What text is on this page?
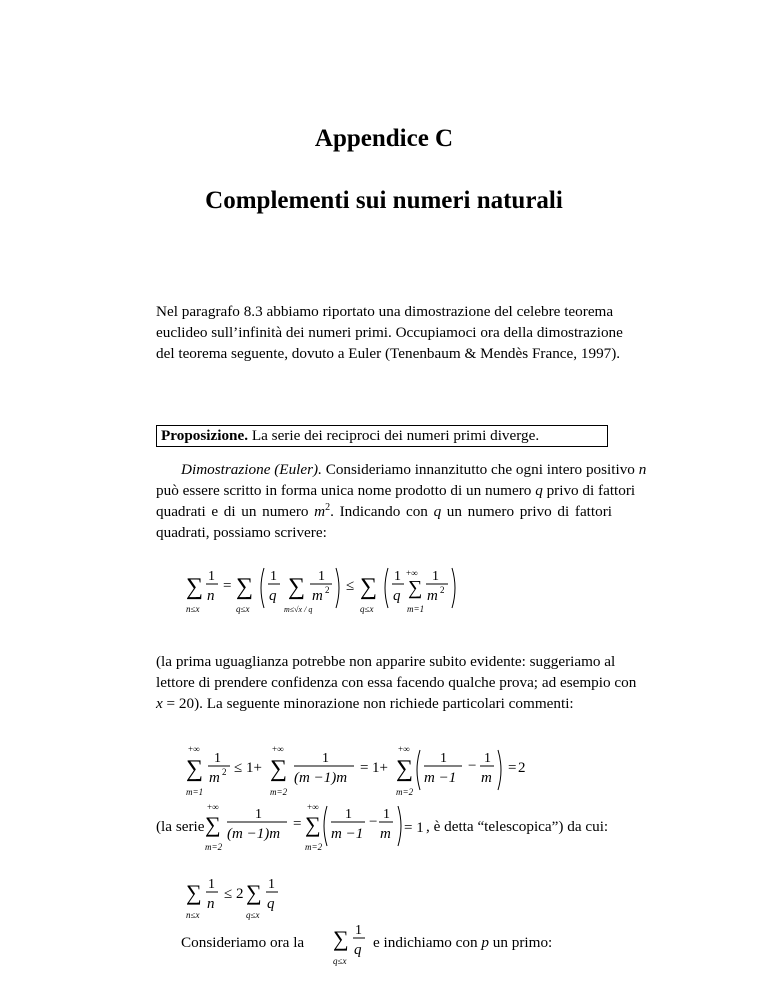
Appendice C
Complementi sui numeri naturali
Nel paragrafo 8.3 abbiamo riportato una dimostrazione del celebre teorema
euclideo sull’infinità dei numeri primi. Occupiamoci ora della dimostrazione
del teorema seguente, dovuto a Euler (Tenenbaum & Mendès France, 1997).
Proposizione. La serie dei reciproci dei numeri primi diverge.
Dimostrazione (Euler). Consideriamo innanzitutto che ogni intero positivo n
può essere scritto in forma unica nome prodotto di un numero q privo di fattori
quadrati e di un numero $m^2$. Indicando con q un numero privo di fattori
quadrati, possiamo scrivere:
∑
n≤x
1
n
= ∑
q≤x
1
q ∑
m≤√x / q
1
m 2 ≤ ∑
q≤x
1
q
+∞
∑
m=1
1
m 2
(la prima uguaglianza potrebbe non apparire subito evidente: suggeriamo al
lettore di prendere confidenza con essa facendo qualche prova; ad esempio con
x = 20). La seguente minorazione non richiede particolari commenti:
+∞
∑
m=1
1
m 2 ≤ 1+
+∞
∑
m=2
1
(m −1)m
= 1+
+∞
∑
m=2
1
m −1
− 1
m
= 2
(la serie
+∞
∑
m=2
1
(m −1)m
=
+∞
∑
m=2
1
m −1
− 1
m = 1 , è detta “telescopica”) da cui:
∑
n≤x
1
n
≤ 2 ∑
q≤x
1
q
Consideriamo ora la ∑
q≤x
1
q e indichiamo con p un primo:
